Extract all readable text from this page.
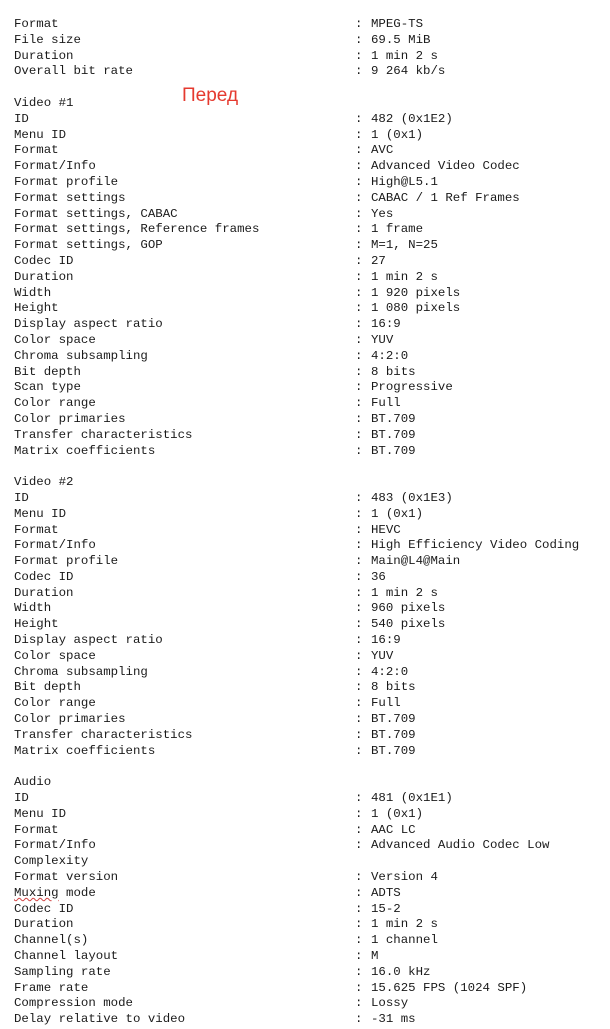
Перед
Format	: MPEG-TS
File size	: 69.5 MiB
Duration	: 1 min 2 s
Overall bit rate	: 9 264 kb/s
Video #1
ID	: 482 (0x1E2)
Menu ID	: 1 (0x1)
Format	: AVC
Format/Info	: Advanced Video Codec
Format profile	: High@L5.1
Format settings	: CABAC / 1 Ref Frames
Format settings, CABAC	: Yes
Format settings, Reference frames	: 1 frame
Format settings, GOP	: M=1, N=25
Codec ID	: 27
Duration	: 1 min 2 s
Width	: 1 920 pixels
Height	: 1 080 pixels
Display aspect ratio	: 16:9
Color space	: YUV
Chroma subsampling	: 4:2:0
Bit depth	: 8 bits
Scan type	: Progressive
Color range	: Full
Color primaries	: BT.709
Transfer characteristics	: BT.709
Matrix coefficients	: BT.709
Video #2
ID	: 483 (0x1E3)
Menu ID	: 1 (0x1)
Format	: HEVC
Format/Info	: High Efficiency Video Coding
Format profile	: Main@L4@Main
Codec ID	: 36
Duration	: 1 min 2 s
Width	: 960 pixels
Height	: 540 pixels
Display aspect ratio	: 16:9
Color space	: YUV
Chroma subsampling	: 4:2:0
Bit depth	: 8 bits
Color range	: Full
Color primaries	: BT.709
Transfer characteristics	: BT.709
Matrix coefficients	: BT.709
Audio
ID	: 481 (0x1E1)
Menu ID	: 1 (0x1)
Format	: AAC LC
Format/Info	: Advanced Audio Codec Low
Complexity
Format version	: Version 4
Muxing mode	: ADTS
Codec ID	: 15-2
Duration	: 1 min 2 s
Channel(s)	: 1 channel
Channel layout	: M
Sampling rate	: 16.0 kHz
Frame rate	: 15.625 FPS (1024 SPF)
Compression mode	: Lossy
Delay relative to video	: -31 ms
